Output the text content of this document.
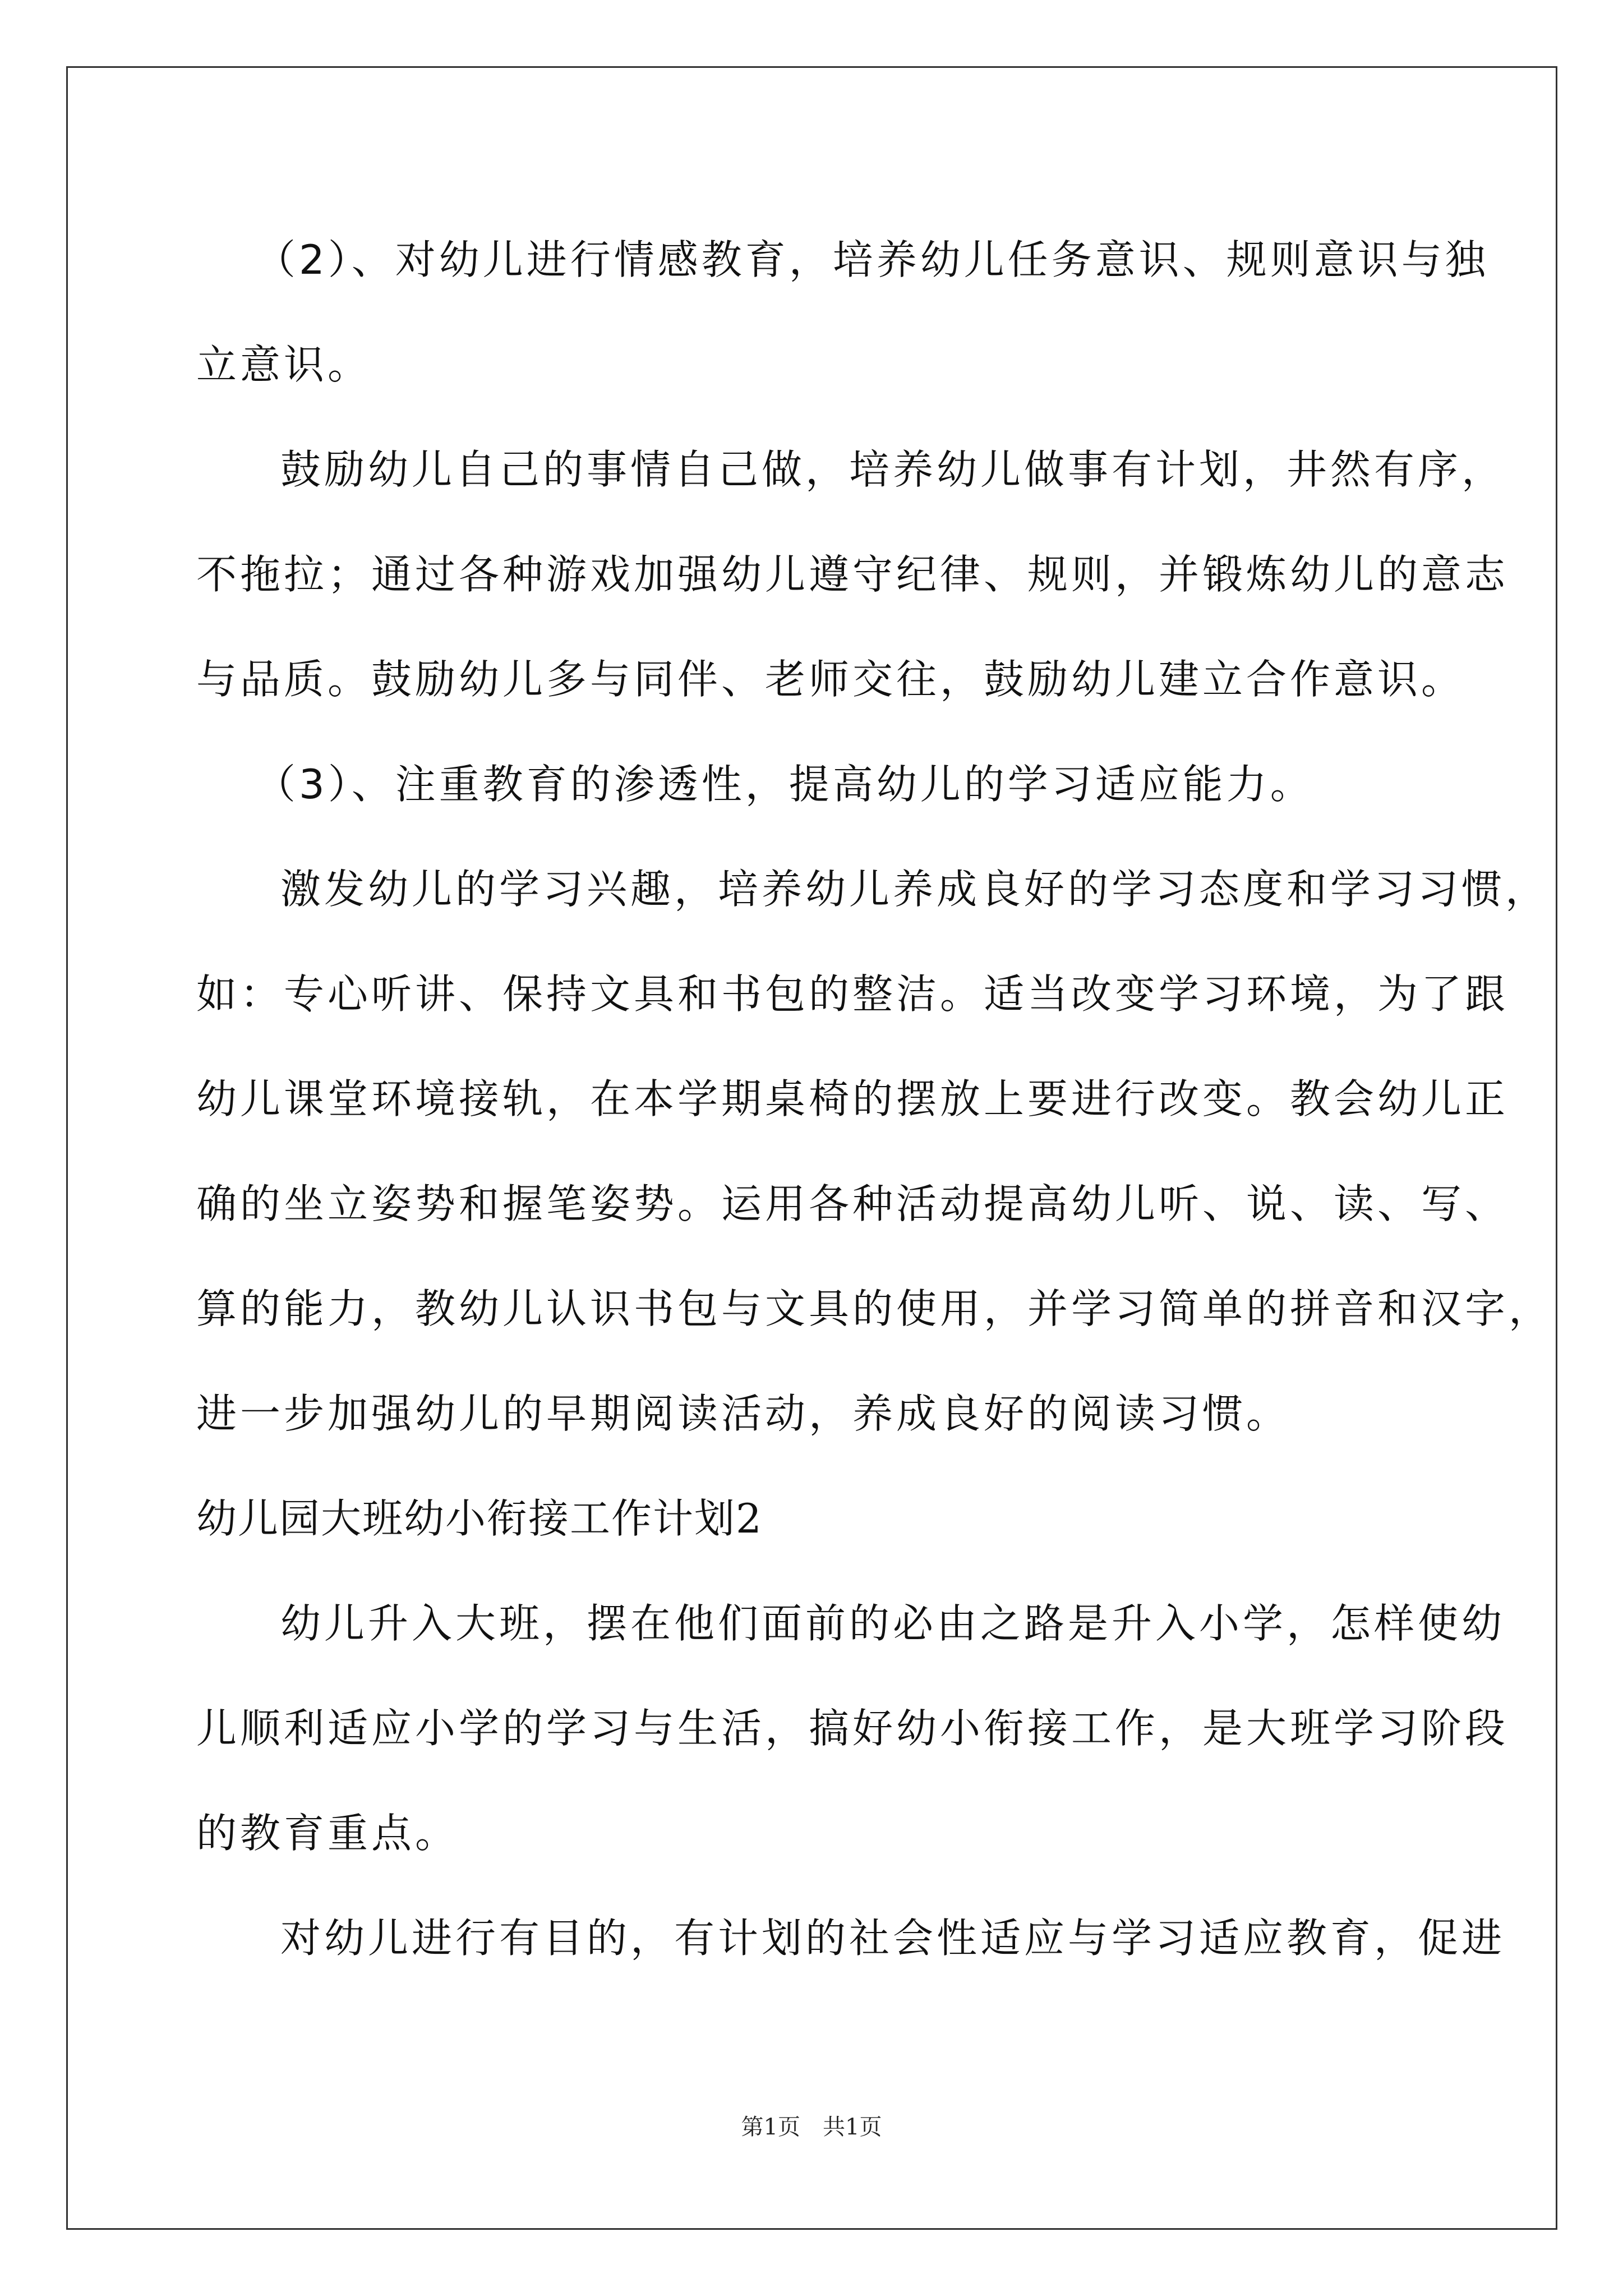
（2）、对幼儿进行情感教育，培养幼儿任务意识、规则意识与独
立意识。
鼓励幼儿自己的事情自己做，培养幼儿做事有计划，井然有序，
不拖拉；通过各种游戏加强幼儿遵守纪律、规则，并锻炼幼儿的意志
与品质。鼓励幼儿多与同伴、老师交往，鼓励幼儿建立合作意识。
（3）、注重教育的渗透性，提高幼儿的学习适应能力。
激发幼儿的学习兴趣，培养幼儿养成良好的学习态度和学习习惯，
如：专心听讲、保持文具和书包的整洁。适当改变学习环境，为了跟
幼儿课堂环境接轨，在本学期桌椅的摆放上要进行改变。教会幼儿正
确的坐立姿势和握笔姿势。运用各种活动提高幼儿听、说、读、写、
算的能力，教幼儿认识书包与文具的使用，并学习简单的拼音和汉字，
进一步加强幼儿的早期阅读活动，养成良好的阅读习惯。
幼儿园大班幼小衔接工作计划2
幼儿升入大班，摆在他们面前的必由之路是升入小学，怎样使幼
儿顺利适应小学的学习与生活，搞好幼小衔接工作，是大班学习阶段
的教育重点。
对幼儿进行有目的，有计划的社会性适应与学习适应教育，促进
第1页　共1页
